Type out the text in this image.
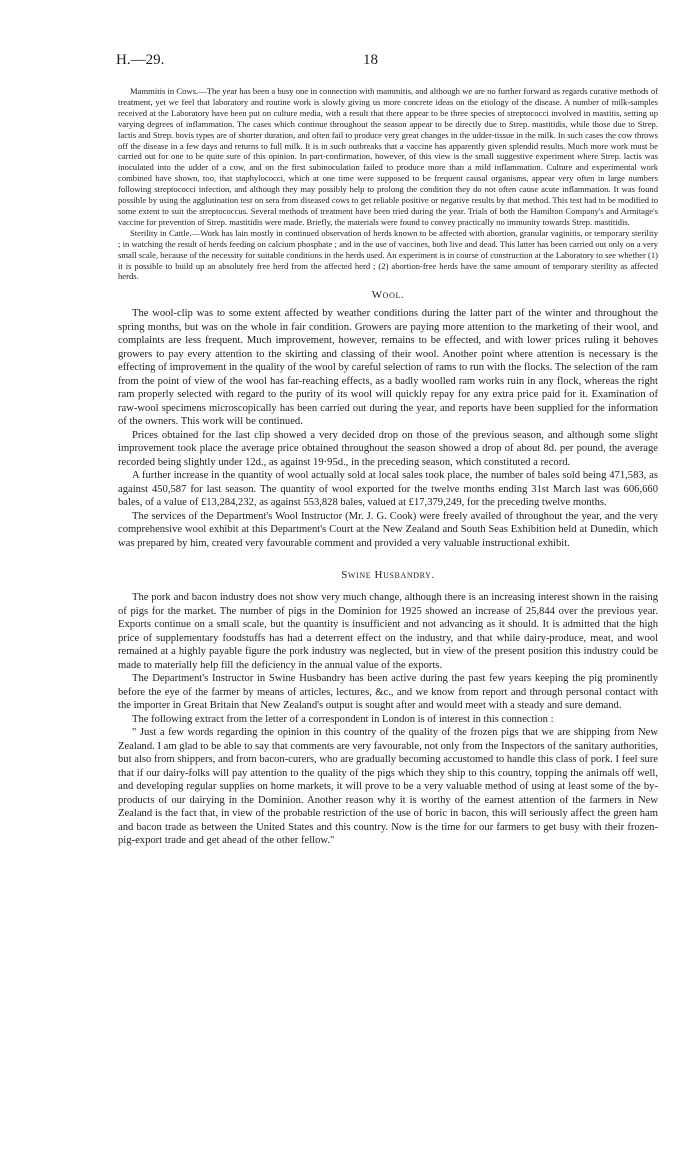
H.—29.	18

Mammitis in Cows.—The year has been a busy one in connection with mammitis, and although we are no further forward as regards curative methods of treatment, yet we feel that laboratory and routine work is slowly giving us more concrete ideas on the etiology of the disease. A number of milk-samples received at the Laboratory have been put on culture media, with a result that there appear to be three species of streptococci involved in mastitis, setting up varying degrees of inflammation. The cases which continue throughout the season appear to be directly due to Strep. mastitidis, while those due to Strep. lactis and Strep. bovis types are of shorter duration, and often fail to produce very great changes in the udder-tissue in the milk. In such cases the cow throws off the disease in a few days and returns to full milk. It is in such outbreaks that a vaccine has apparently given splendid results. Much more work must be carried out for one to be quite sure of this opinion. In part-confirmation, however, of this view is the small suggestive experiment where Strep. lactis was inoculated into the udder of a cow, and on the first subinoculation failed to produce more than a mild inflammation. Culture and experimental work combined have shown, too, that staphylococci, which at one time were supposed to be frequent causal organisms, appear very often in large numbers following streptococci infection, and although they may possibly help to prolong the condition they do not often cause acute inflammation. It was found possible by using the agglutination test on sera from diseased cows to get reliable positive or negative results by that method. This test had to be modified to some extent to suit the streptococcus. Several methods of treatment have been tried during the year. Trials of both the Hamilton Company's and Armitage's vaccine for prevention of Strep. mastitidis were made. Briefly, the materials were found to convey practically no immunity towards Strep. mastitidis.

Sterility in Cattle.—Work has lain mostly in continued observation of herds known to be affected with abortion, granular vaginitis, or temporary sterility ; in watching the result of herds feeding on calcium phosphate ; and in the use of vaccines, both live and dead. This latter has been carried out only on a very small scale, because of the necessity for suitable conditions in the herds used. An experiment is in course of construction at the Laboratory to see whether (1) it is possible to build up an absolutely free herd from the affected herd ; (2) abortion-free herds have the same amount of temporary sterility as affected herds.

Wool.

The wool-clip was to some extent affected by weather conditions during the latter part of the winter and throughout the spring months, but was on the whole in fair condition. Growers are paying more attention to the marketing of their wool, and complaints are less frequent. Much improvement, however, remains to be effected, and with lower prices ruling it behoves growers to pay every attention to the skirting and classing of their wool. Another point where attention is necessary is the effecting of improvement in the quality of the wool by careful selection of rams to run with the flocks. The selection of the ram from the point of view of the wool has far-reaching effects, as a badly woolled ram works ruin in any flock, whereas the right ram properly selected with regard to the purity of its wool will quickly repay for any extra price paid for it. Examination of raw-wool specimens microscopically has been carried out during the year, and reports have been supplied for the information of the owners. This work will be continued.

Prices obtained for the last clip showed a very decided drop on those of the previous season, and although some slight improvement took place the average price obtained throughout the season showed a drop of about 8d. per pound, the average recorded being slightly under 12d., as against 19·95d., in the preceding season, which constituted a record.

A further increase in the quantity of wool actually sold at local sales took place, the number of bales sold being 471,583, as against 450,587 for last season. The quantity of wool exported for the twelve months ending 31st March last was 606,660 bales, of a value of £13,284,232, as against 553,828 bales, valued at £17,379,249, for the preceding twelve months.

The services of the Department's Wool Instructor (Mr. J. G. Cook) were freely availed of throughout the year, and the very comprehensive wool exhibit at this Department's Court at the New Zealand and South Seas Exhibition held at Dunedin, which was prepared by him, created very favourable comment and provided a very valuable instructional exhibit.

Swine Husbandry.

The pork and bacon industry does not show very much change, although there is an increasing interest shown in the raising of pigs for the market. The number of pigs in the Dominion for 1925 showed an increase of 25,844 over the previous year. Exports continue on a small scale, but the quantity is insufficient and not advancing as it should. It is admitted that the high price of supplementary foodstuffs has had a deterrent effect on the industry, and that while dairy-produce, meat, and wool remained at a highly payable figure the pork industry was neglected, but in view of the present position this industry could be made to materially help fill the deficiency in the annual value of the exports.

The Department's Instructor in Swine Husbandry has been active during the past few years keeping the pig prominently before the eye of the farmer by means of articles, lectures, &c., and we know from report and through personal contact with the importer in Great Britain that New Zealand's output is sought after and would meet with a steady and sure demand.

The following extract from the letter of a correspondent in London is of interest in this connection :

" Just a few words regarding the opinion in this country of the quality of the frozen pigs that we are shipping from New Zealand. I am glad to be able to say that comments are very favourable, not only from the Inspectors of the sanitary authorities, but also from shippers, and from bacon-curers, who are gradually becoming accustomed to handle this class of pork. I feel sure that if our dairy-folks will pay attention to the quality of the pigs which they ship to this country, topping the animals off well, and developing regular supplies on home markets, it will prove to be a very valuable method of using at least some of the by-products of our dairying in the Dominion. Another reason why it is worthy of the earnest attention of the farmers in New Zealand is the fact that, in view of the probable restriction of the use of boric in bacon, this will seriously affect the green ham and bacon trade as between the United States and this country. Now is the time for our farmers to get busy with their frozen-pig-export trade and get ahead of the other fellow."
